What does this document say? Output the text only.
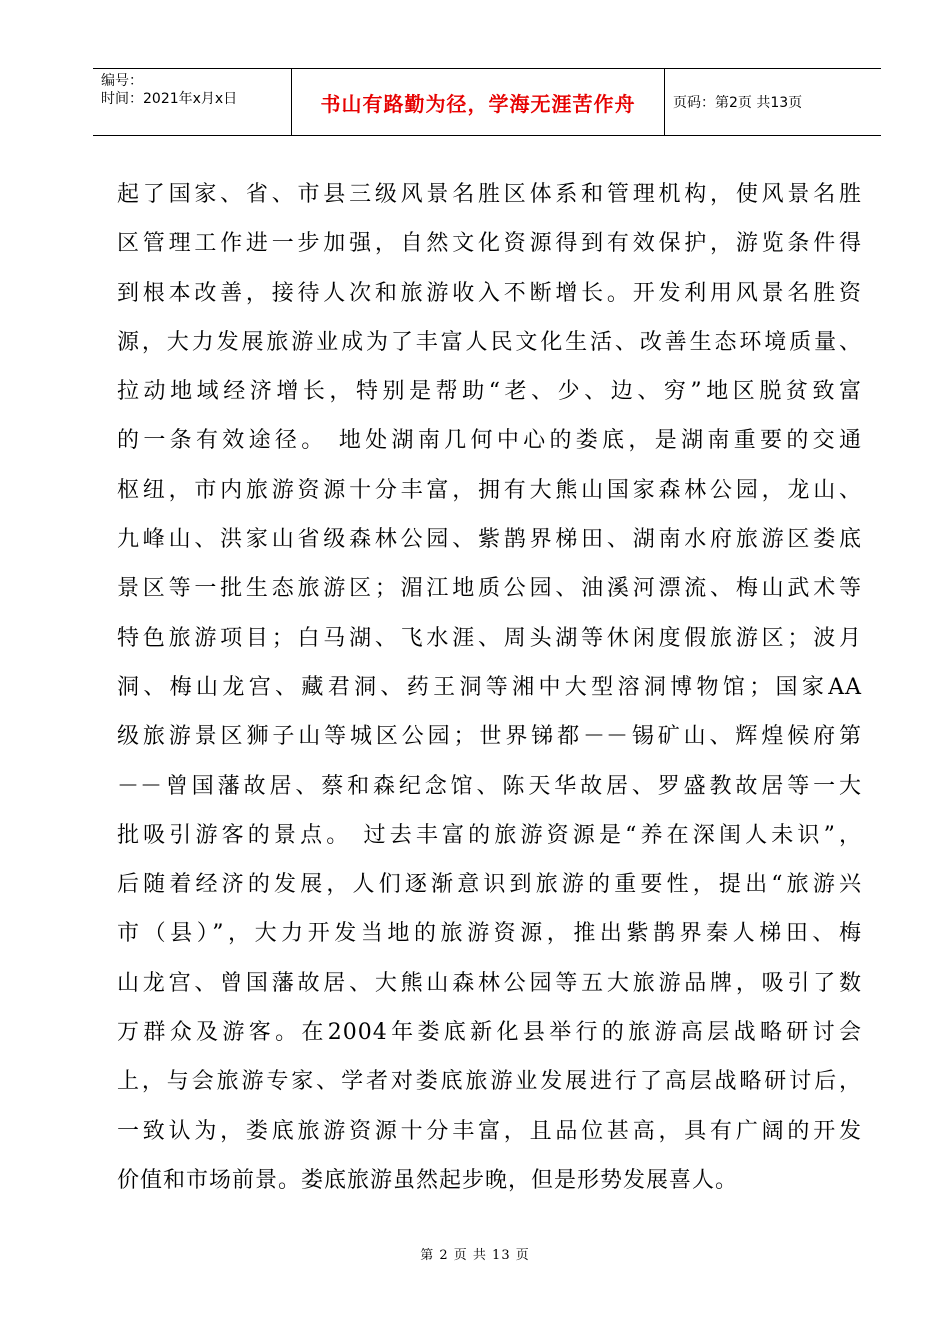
编号：
时间：2021年x月x日	书山有路勤为径，学海无涯苦作舟	页码：第2页 共13页
起了国家、省、市县三级风景名胜区体系和管理机构，使风景名胜
区管理工作进一步加强，自然文化资源得到有效保护，游览条件得
到根本改善，接待人次和旅游收入不断增长。开发利用风景名胜资
源，大力发展旅游业成为了丰富人民文化生活、改善生态环境质量、
拉动地域经济增长，特别是帮助“老、少、边、穷”地区脱贫致富
的一条有效途径。 地处湖南几何中心的娄底，是湖南重要的交通
枢纽，市内旅游资源十分丰富，拥有大熊山国家森林公园，龙山、
九峰山、洪家山省级森林公园、紫鹊界梯田、湖南水府旅游区娄底
景区等一批生态旅游区；湄江地质公园、油溪河漂流、梅山武术等
特色旅游项目；白马湖、飞水涯、周头湖等休闲度假旅游区；波月
洞、梅山龙宫、藏君洞、药王洞等湘中大型溶洞博物馆；国家AA
级旅游景区狮子山等城区公园；世界锑都－－锡矿山、辉煌候府第
－－曾国藩故居、蔡和森纪念馆、陈天华故居、罗盛教故居等一大
批吸引游客的景点。 过去丰富的旅游资源是“养在深闺人未识”，
后随着经济的发展，人们逐渐意识到旅游的重要性，提出“旅游兴
市（县）”，大力开发当地的旅游资源，推出紫鹊界秦人梯田、梅
山龙宫、曾国藩故居、大熊山森林公园等五大旅游品牌，吸引了数
万群众及游客。在2004年娄底新化县举行的旅游高层战略研讨会
上，与会旅游专家、学者对娄底旅游业发展进行了高层战略研讨后，
一致认为，娄底旅游资源十分丰富，且品位甚高，具有广阔的开发
价值和市场前景。娄底旅游虽然起步晚，但是形势发展喜人。
第 2 页 共 13 页
